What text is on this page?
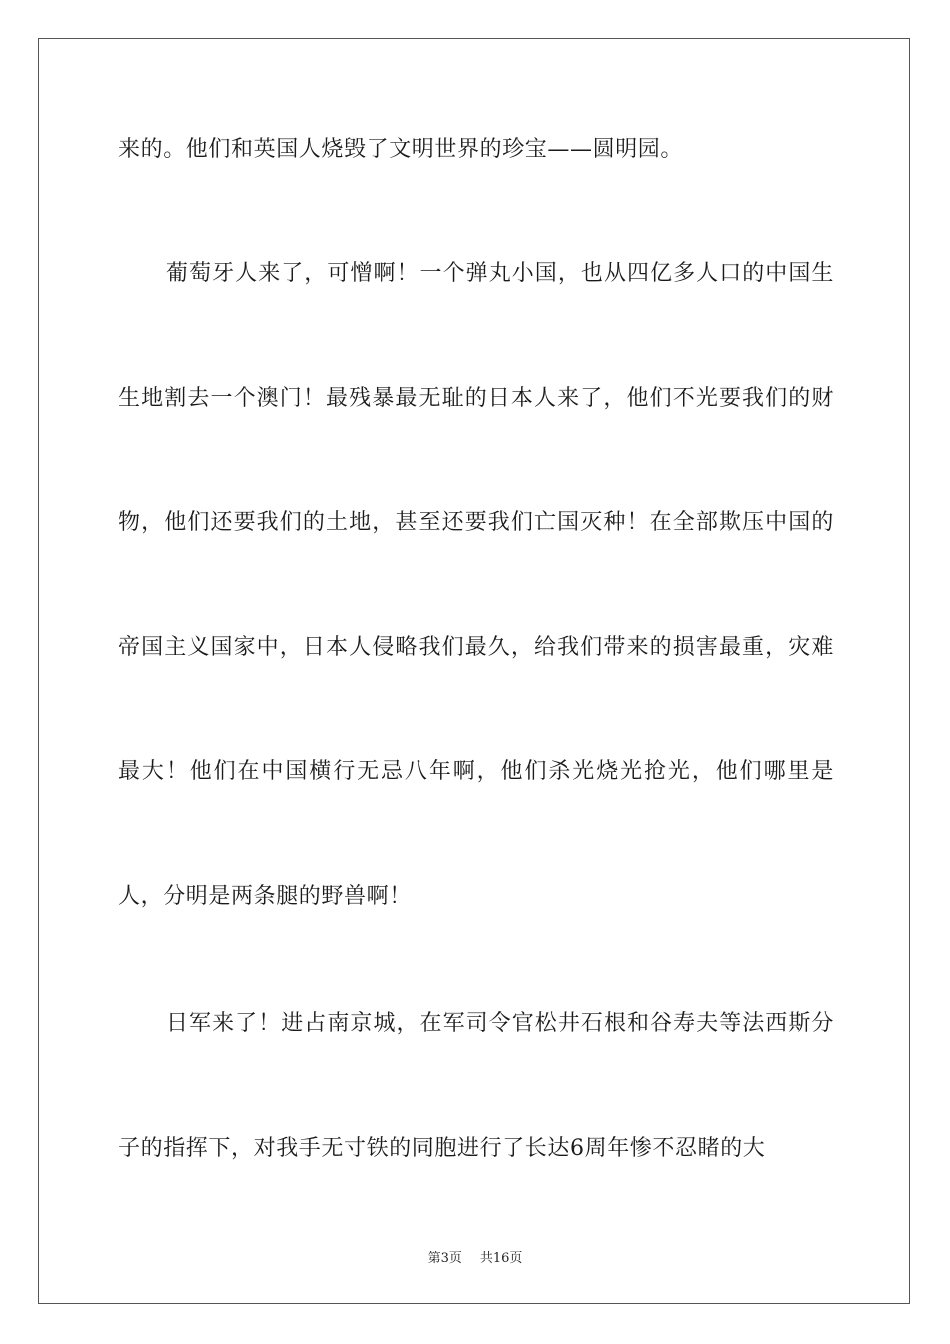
来的。他们和英国人烧毁了文明世界的珍宝——圆明园。

葡萄牙人来了，可憎啊！一个弹丸小国，也从四亿多人口的中国生生地割去一个澳门！最残暴最无耻的日本人来了，他们不光要我们的财物，他们还要我们的土地，甚至还要我们亡国灭种！在全部欺压中国的帝国主义国家中，日本人侵略我们最久，给我们带来的损害最重，灾难最大！他们在中国横行无忌八年啊，他们杀光烧光抢光，他们哪里是人，分明是两条腿的野兽啊！

日军来了！进占南京城，在军司令官松井石根和谷寿夫等法西斯分子的指挥下，对我手无寸铁的同胞进行了长达6周年惨不忍睹的大

第3页 共16页
